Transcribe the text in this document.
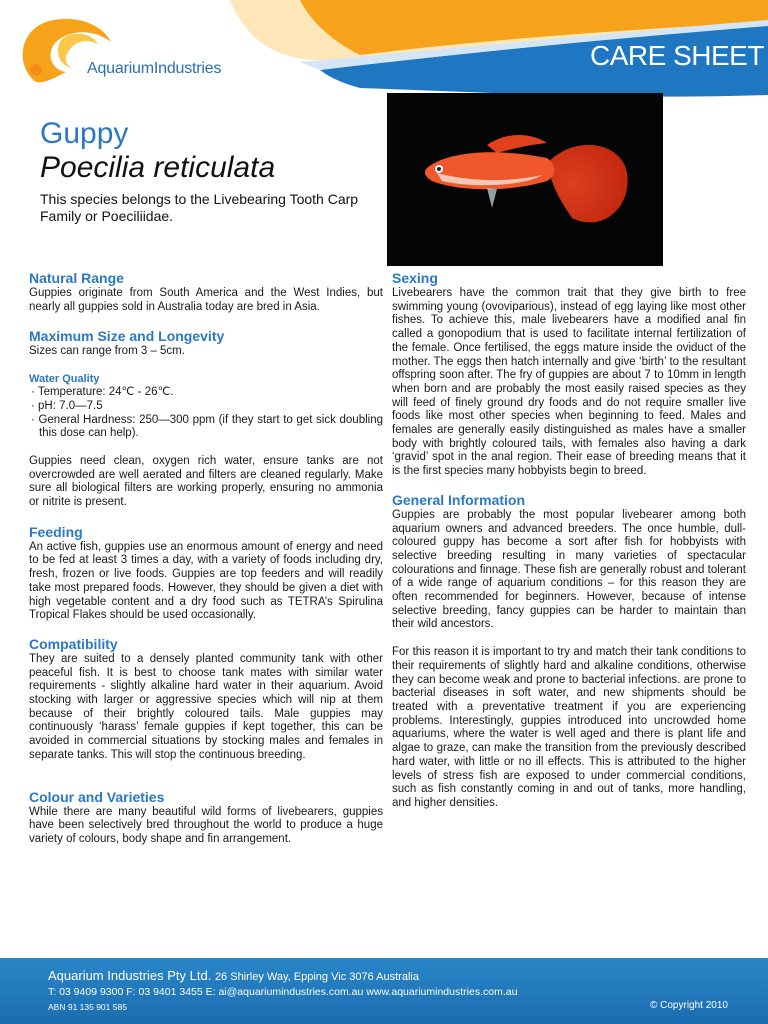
AquariumIndustries	CARE SHEET
Guppy
Poecilia reticulata
This species belongs to the Livebearing Tooth Carp Family or Poeciliidae.
Natural Range

Guppies originate from South America and the West Indies, but nearly all guppies sold in Australia today are bred in Asia.

Maximum Size and Longevity

Sizes can range from 3 – 5cm.

Water Quality
· Temperature: 24℃ - 26℃.
· pH: 7.0—7.5
· General Hardness: 250—300 ppm (if they start to get sick doubling this dose can help).

Guppies need clean, oxygen rich water, ensure tanks are not overcrowded are well aerated and filters are cleaned regularly. Make sure all biological filters are working properly, ensuring no ammonia or nitrite is present.

Feeding

An active fish, guppies use an enormous amount of energy and need to be fed at least 3 times a day, with a variety of foods including dry, fresh, frozen or live foods. Guppies are top feeders and will readily take most prepared foods. However, they should be given a diet with high vegetable content and a dry food such as TETRA’s Spirulina Tropical Flakes should be used occasionally.

Compatibility

They are suited to a densely planted community tank with other peaceful fish. It is best to choose tank mates with similar water requirements - slightly alkaline hard water in their aquarium. Avoid stocking with larger or aggressive species which will nip at them because of their brightly coloured tails. Male guppies may continuously ‘harass’ female guppies if kept together, this can be avoided in commercial situations by stocking males and females in separate tanks. This will stop the continuous breeding.

Colour and Varieties

While there are many beautiful wild forms of livebearers, guppies have been selectively bred throughout the world to produce a huge variety of colours, body shape and fin arrangement.

Sexing

Livebearers have the common trait that they give birth to free swimming young (ovoviparious), instead of egg laying like most other fishes. To achieve this, male livebearers have a modified anal fin called a gonopodium that is used to facilitate internal fertilization of the female. Once fertilised, the eggs mature inside the oviduct of the mother. The eggs then hatch internally and give ‘birth’ to the resultant offspring soon after. The fry of guppies are about 7 to 10mm in length when born and are probably the most easily raised species as they will feed of finely ground dry foods and do not require smaller live foods like most other species when beginning to feed. Males and females are generally easily distinguished as males have a smaller body with brightly coloured tails, with females also having a dark ‘gravid’ spot in the anal region. Their ease of breeding means that it is the first species many hobbyists begin to breed.

General Information

Guppies are probably the most popular livebearer among both aquarium owners and advanced breeders. The once humble, dull-coloured guppy has become a sort after fish for hobbyists with selective breeding resulting in many varieties of spectacular colourations and finnage. These fish are generally robust and tolerant of a wide range of aquarium conditions – for this reason they are often recommended for beginners. However, because of intense selective breeding, fancy guppies can be harder to maintain than their wild ancestors.

For this reason it is important to try and match their tank conditions to their requirements of slightly hard and alkaline conditions, otherwise they can become weak and prone to bacterial infections. are prone to bacterial diseases in soft water, and new shipments should be treated with a preventative treatment if you are experiencing problems. Interestingly, guppies introduced into uncrowded home aquariums, where the water is well aged and there is plant life and algae to graze, can make the transition from the previously described hard water, with little or no ill effects. This is attributed to the higher levels of stress fish are exposed to under commercial conditions, such as fish constantly coming in and out of tanks, more handling, and higher densities.

Aquarium Industries Pty Ltd. 26 Shirley Way, Epping Vic 3076 Australia
T: 03 9409 9300 F: 03 9401 3455 E: ai@aquariumindustries.com.au www.aquariumindustries.com.au
ABN 91 135 901 585	© Copyright 2010
